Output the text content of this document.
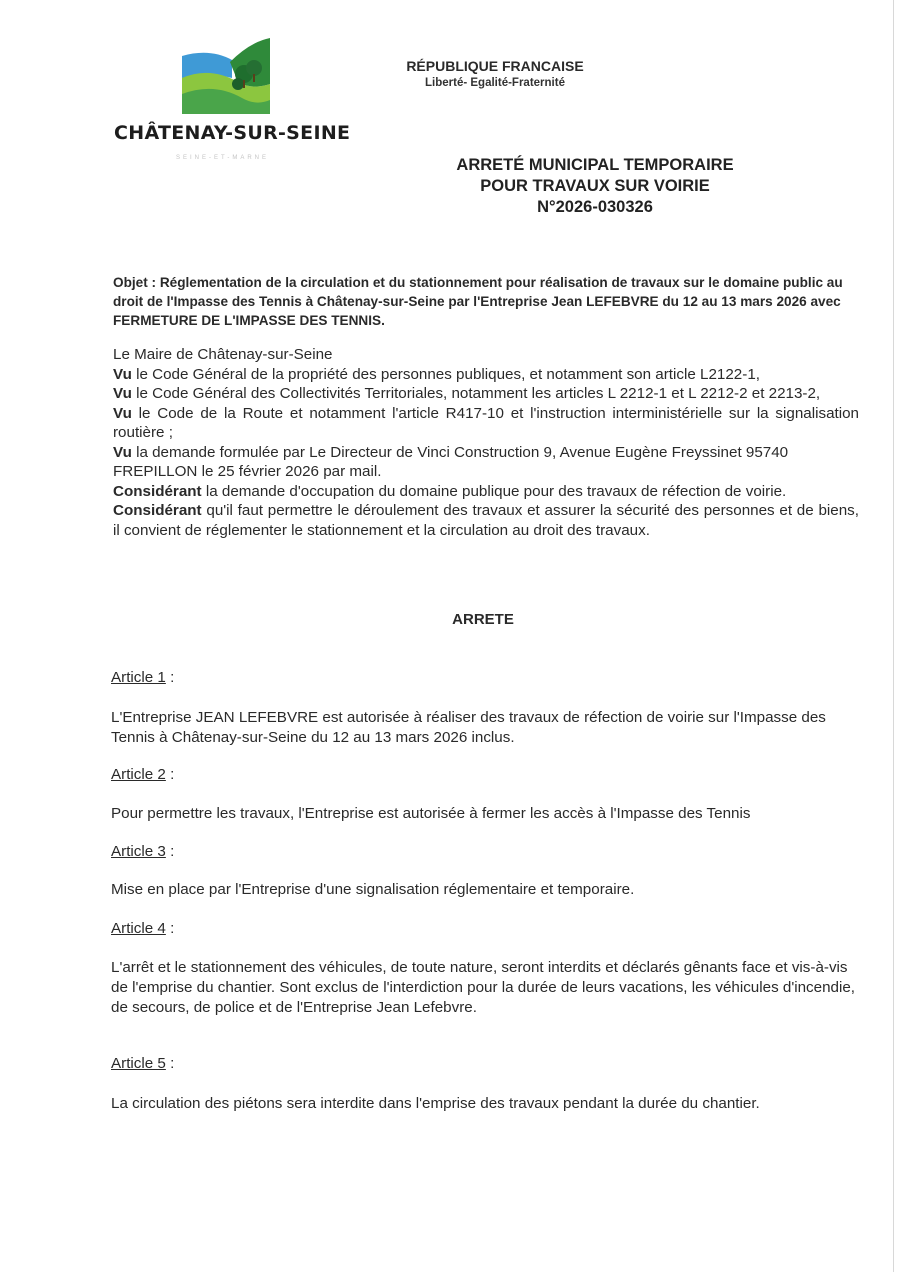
CHÂTENAY-SUR-SEINE
SEINE-ET-MARNE
RÉPUBLIQUE FRANCAISE
Liberté- Egalité-Fraternité
ARRETÉ MUNICIPAL TEMPORAIRE
POUR TRAVAUX SUR VOIRIE
N°2026-030326
Objet : Réglementation de la circulation et du stationnement pour réalisation de travaux sur le domaine public au droit de l'Impasse des Tennis à Châtenay-sur-Seine par l'Entreprise Jean LEFEBVRE du 12 au 13 mars 2026 avec FERMETURE DE L'IMPASSE DES TENNIS.

Le Maire de Châtenay-sur-Seine

Vu le Code Général de la propriété des personnes publiques, et notamment son article L2122-1,

Vu le Code Général des Collectivités Territoriales, notamment les articles L 2212-1 et L 2212-2 et 2213-2,

Vu le Code de la Route et notamment l'article R417-10 et l'instruction interministérielle sur la signalisation routière ;

Vu la demande formulée par Le Directeur de Vinci Construction 9, Avenue Eugène Freyssinet 95740 FREPILLON le 25 février 2026 par mail.

Considérant la demande d'occupation du domaine publique pour des travaux de réfection de voirie.

Considérant qu'il faut permettre le déroulement des travaux et assurer la sécurité des personnes et de biens, il convient de réglementer le stationnement et la circulation au droit des travaux.

ARRETE
Article 1 :

L'Entreprise JEAN LEFEBVRE est autorisée à réaliser des travaux de réfection de voirie sur l'Impasse des Tennis à Châtenay-sur-Seine du 12 au 13 mars 2026 inclus.

Article 2 :

Pour permettre les travaux, l'Entreprise est autorisée à fermer les accès à l'Impasse des Tennis

Article 3 :

Mise en place par l'Entreprise d'une signalisation réglementaire et temporaire.

Article 4 :

L'arrêt et le stationnement des véhicules, de toute nature, seront interdits et déclarés gênants face et vis-à-vis de l'emprise du chantier. Sont exclus de l'interdiction pour la durée de leurs vacations, les véhicules d'incendie, de secours, de police et de l'Entreprise Jean Lefebvre.

Article 5 :

La circulation des piétons sera interdite dans l'emprise des travaux pendant la durée du chantier.
